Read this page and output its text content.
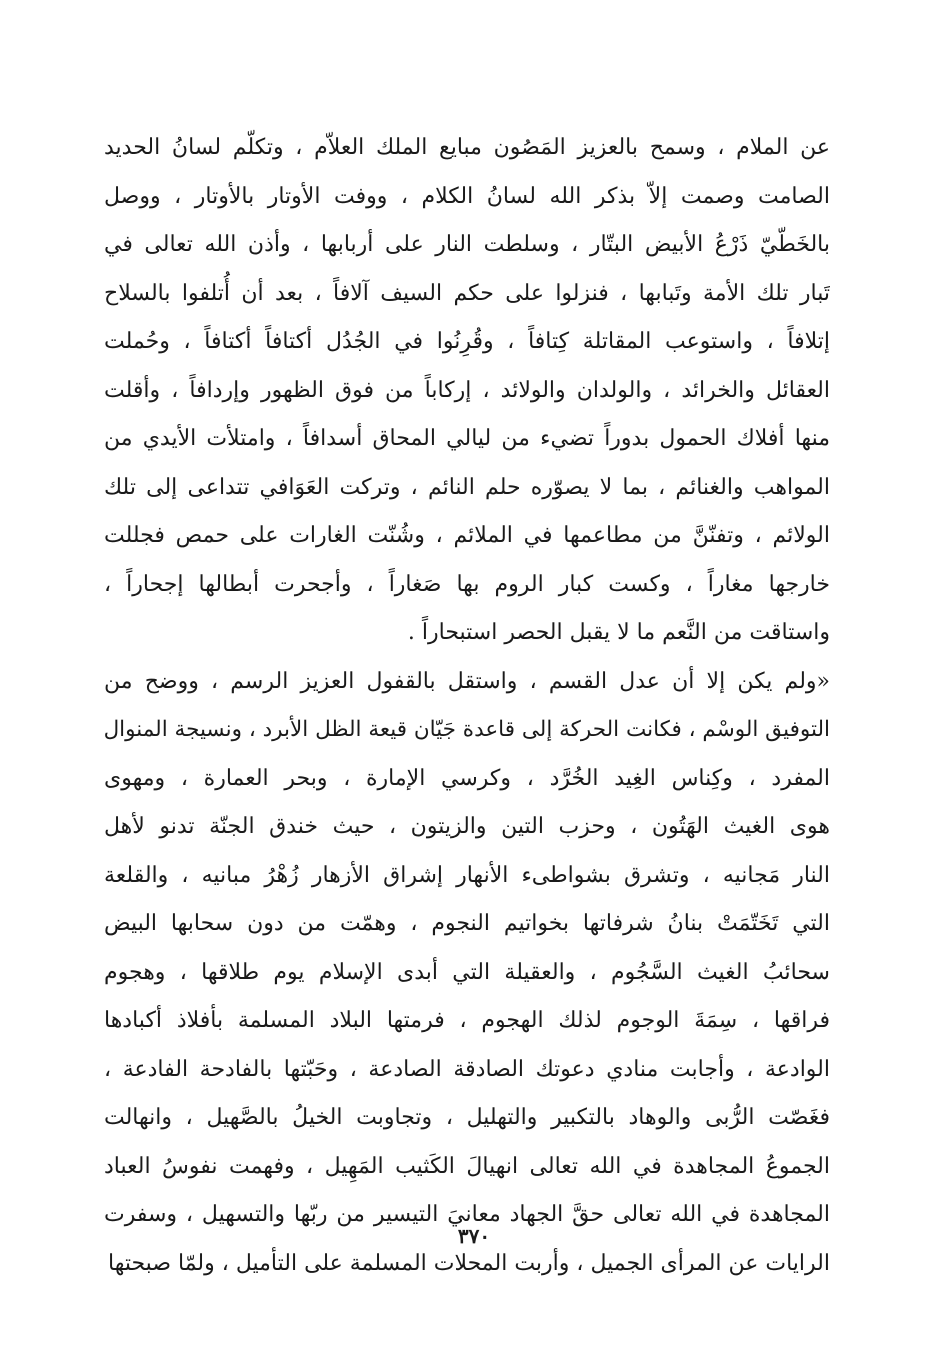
عن الملام ، وسمح بالعزيز المَصُون مبايع الملك العلاّم ، وتكلّم لسانُ الحديد
الصامت وصمت إلاّ بذكر الله لسانُ الكلام ، ووفت الأوتار بالأوتار ، ووصل
بالخَطّيّ ذَرْعُ الأبيض البتّار ، وسلطت النار على أربابها ، وأذن الله تعالى في
تَبار تلك الأمة وتَبابها ، فنزلوا على حكم السيف آلافاً ، بعد أن أُتلفوا بالسلاح
إتلافاً ، واستوعب المقاتلة كِتافاً ، وقُرِنُوا في الجُدُل أكتافاً أكتافاً ، وحُملت
العقائل والخرائد ، والولدان والولائد ، إركاباً من فوق الظهور وإردافاً ، وأقلت
منها أفلاك الحمول بدوراً تضيء من ليالي المحاق أسدافاً ، وامتلأت الأيدي من
المواهب والغنائم ، بما لا يصوّره حلم النائم ، وتركت العَوَافي تتداعى إلى تلك
الولائم ، وتفنّنَّ من مطاعمها في الملائم ، وشُنّت الغارات على حمص فجللت
خارجها مغاراً ، وكست كبار الروم بها صَغاراً ، وأجحرت أبطالها إجحاراً ،
واستاقت من النَّعم ما لا يقبل الحصر استبحاراً .
«ولم يكن إلا أن عدل القسم ، واستقل بالقفول العزيز الرسم ، ووضح من
التوفيق الوسْم ، فكانت الحركة إلى قاعدة جَيّان قيعة الظل الأبرد ، ونسيجة المنوال
المفرد ، وكِناس الغِيد الخُرَّد ، وكرسي الإمارة ، وبحر العمارة ، ومهوى
هوى الغيث الهَتُون ، وحزب التين والزيتون ، حيث خندق الجنّة تدنو لأهل
النار مَجانيه ، وتشرق بشواطىء الأنهار إشراق الأزهار زُهْرُ مبانيه ، والقلعة
التي تَخَتّمَتْ بنانُ شرفاتها بخواتيم النجوم ، وهمّت من دون سحابها البيض
سحائبُ الغيث السَّجُوم ، والعقيلة التي أبدى الإسلام يوم طلاقها ، وهجوم
فراقها ، سِمَةَ الوجوم لذلك الهجوم ، فرمتها البلاد المسلمة بأفلاذ أكبادها
الوادعة ، وأجابت منادي دعوتك الصادقة الصادعة ، وحَبّتها بالفادحة الفادعة ،
فغَصّت الرُّبى والوهاد بالتكبير والتهليل ، وتجاوبت الخيلُ بالصَّهيل ، وانهالت
الجموعُ المجاهدة في الله تعالى انهيالَ الكَثيب المَهِيل ، وفهمت نفوسُ العباد
المجاهدة في الله تعالى حقَّ الجهاد معانيَ التيسير من ربّها والتسهيل ، وسفرت
الرايات عن المرأى الجميل ، وأربت المحلات المسلمة على التأميل ، ولمّا صبحتها
٣٧٠
